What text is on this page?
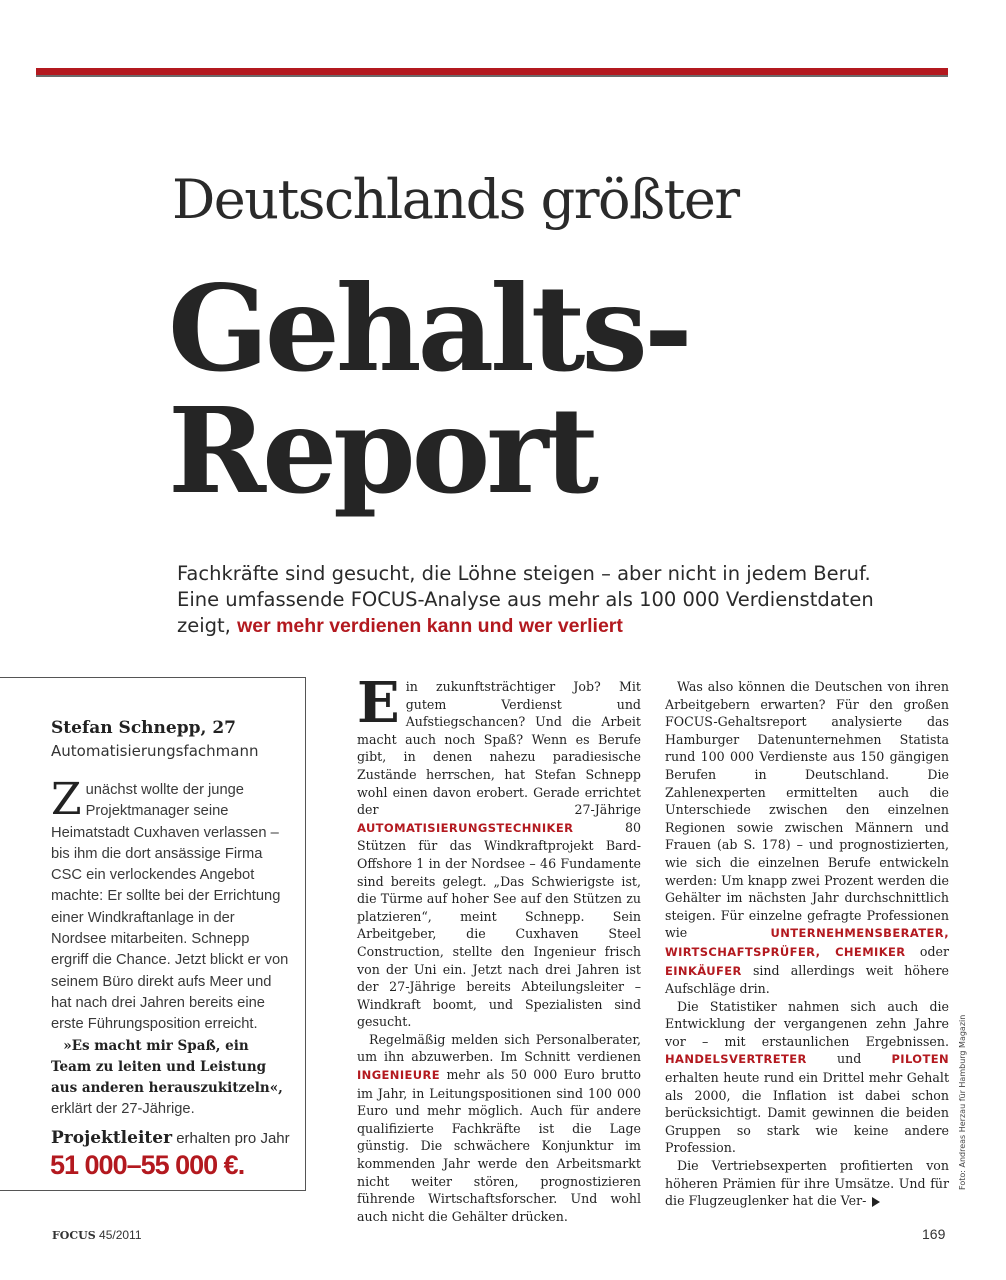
Deutschlands größter
Gehalts-
Report
Fachkräfte sind gesucht, die Löhne steigen – aber nicht in jedem Beruf.
Eine umfassende FOCUS-Analyse aus mehr als 100 000 Verdienstdaten
zeigt, wer mehr verdienen kann und wer verliert
Stefan Schnepp, 27
Automatisierungsfachmann
Zunächst wollte der junge Projektmanager seine Heimatstadt Cuxhaven verlassen – bis ihm die dort ansässige Firma CSC ein verlockendes Angebot machte: Er sollte bei der Errichtung einer Windkraftanlage in der Nordsee mitarbeiten. Schnepp ergriff die Chance. Jetzt blickt er von seinem Büro direkt aufs Meer und hat nach drei Jahren bereits eine erste Führungsposition erreicht.
»Es macht mir Spaß, ein Team zu leiten und Leistung aus anderen herauszukitzeln«, erklärt der 27-Jährige.
Projektleiter erhalten pro Jahr
51 000–55 000 €.

Ein zukunftsträchtiger Job? Mit gutem Verdienst und Aufstiegschancen? Und die Arbeit macht auch noch Spaß? Wenn es Berufe gibt, in denen nahezu paradiesische Zustände herrschen, hat Stefan Schnepp wohl einen davon erobert. Gerade errichtet der 27-Jährige AUTOMATISIERUNGSTECHNIKER	80 Stützen für das Windkraftprojekt Bard-Offshore 1 in der Nordsee – 46 Fundamente sind bereits gelegt. „Das Schwierigste ist, die Türme auf hoher See auf den Stützen zu platzieren“, meint Schnepp. Sein Arbeitgeber, die Cuxhaven Steel Construction, stellte den Ingenieur frisch von der Uni ein. Jetzt nach drei Jahren ist der 27-Jährige bereits Abteilungsleiter – Windkraft boomt, und Spezialisten sind gesucht.

Regelmäßig melden sich Personalberater, um ihn abzuwerben. Im Schnitt verdienen INGENIEURE mehr als 50 000 Euro brutto im Jahr, in Leitungspositionen sind 100 000 Euro und mehr möglich. Auch für andere qualifizierte Fachkräfte ist die Lage günstig. Die schwächere Konjunktur im kommenden Jahr werde den Arbeitsmarkt nicht weiter stören, prognostizieren führende Wirtschaftsforscher. Und wohl auch nicht die Gehälter drücken.

Was also können die Deutschen von ihren Arbeitgebern erwarten? Für den großen FOCUS-Gehaltsreport analysierte das Hamburger Datenunternehmen Statista rund 100 000 Verdienste aus 150 gängigen Berufen in Deutschland. Die Zahlenexperten ermittelten auch die Unterschiede zwischen den einzelnen Regionen sowie zwischen Männern und Frauen (ab S. 178) – und prognostizierten, wie sich die einzelnen Berufe entwickeln werden: Um knapp zwei Prozent werden die Gehälter im nächsten Jahr durchschnittlich steigen. Für einzelne gefragte Professionen wie	UNTERNEHMENSBERATER, WIRTSCHAFTSPRÜFER, CHEMIKER oder EINKÄUFER sind allerdings weit höhere Aufschläge drin.

Die Statistiker nahmen sich auch die Entwicklung der vergangenen zehn Jahre vor – mit erstaunlichen Ergebnissen. HANDELSVERTRETER und	PILOTEN erhalten heute rund ein Drittel mehr Gehalt als 2000, die Inflation ist dabei schon berücksichtigt. Damit gewinnen die beiden Gruppen so stark wie keine andere Profession.

Die Vertriebsexperten profitierten von höheren Prämien für ihre Umsätze. Und für die Flugzeuglenker hat die Ver-

Foto: Andreas Herzau für Hamburg Magazin
FOCUS 45/2011	169
